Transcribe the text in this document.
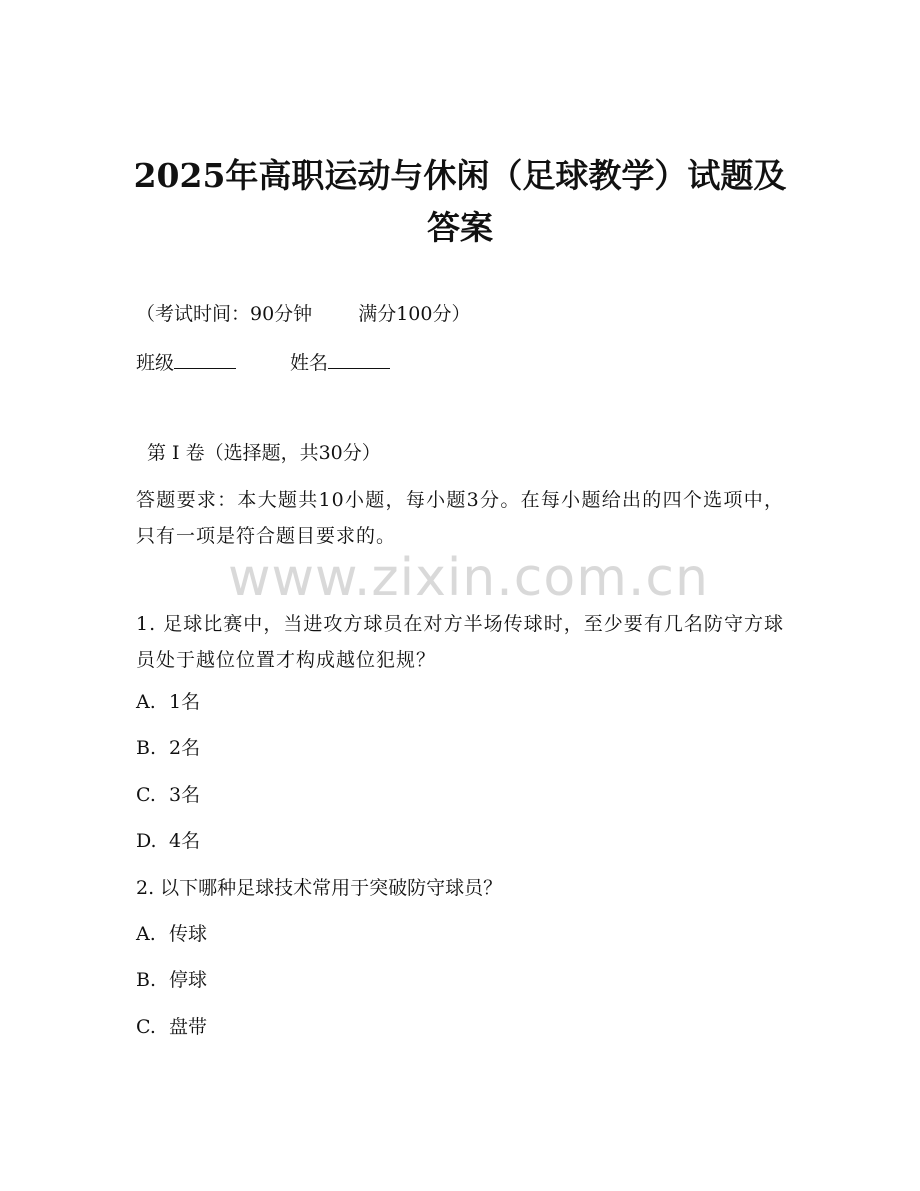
2025年高职运动与休闲（足球教学）试题及答案
（考试时间：90分钟 满分100分）
班级	姓名
第 I 卷（选择题，共30分）
答题要求：本大题共10小题，每小题3分。在每小题给出的四个选项中，只有一项是符合题目要求的。
www.zixin.com.cn
1. 足球比赛中，当进攻方球员在对方半场传球时，至少要有几名防守方球员处于越位位置才构成越位犯规？
A. 1名
B. 2名
C. 3名
D. 4名
2. 以下哪种足球技术常用于突破防守球员？
A. 传球
B. 停球
C. 盘带
